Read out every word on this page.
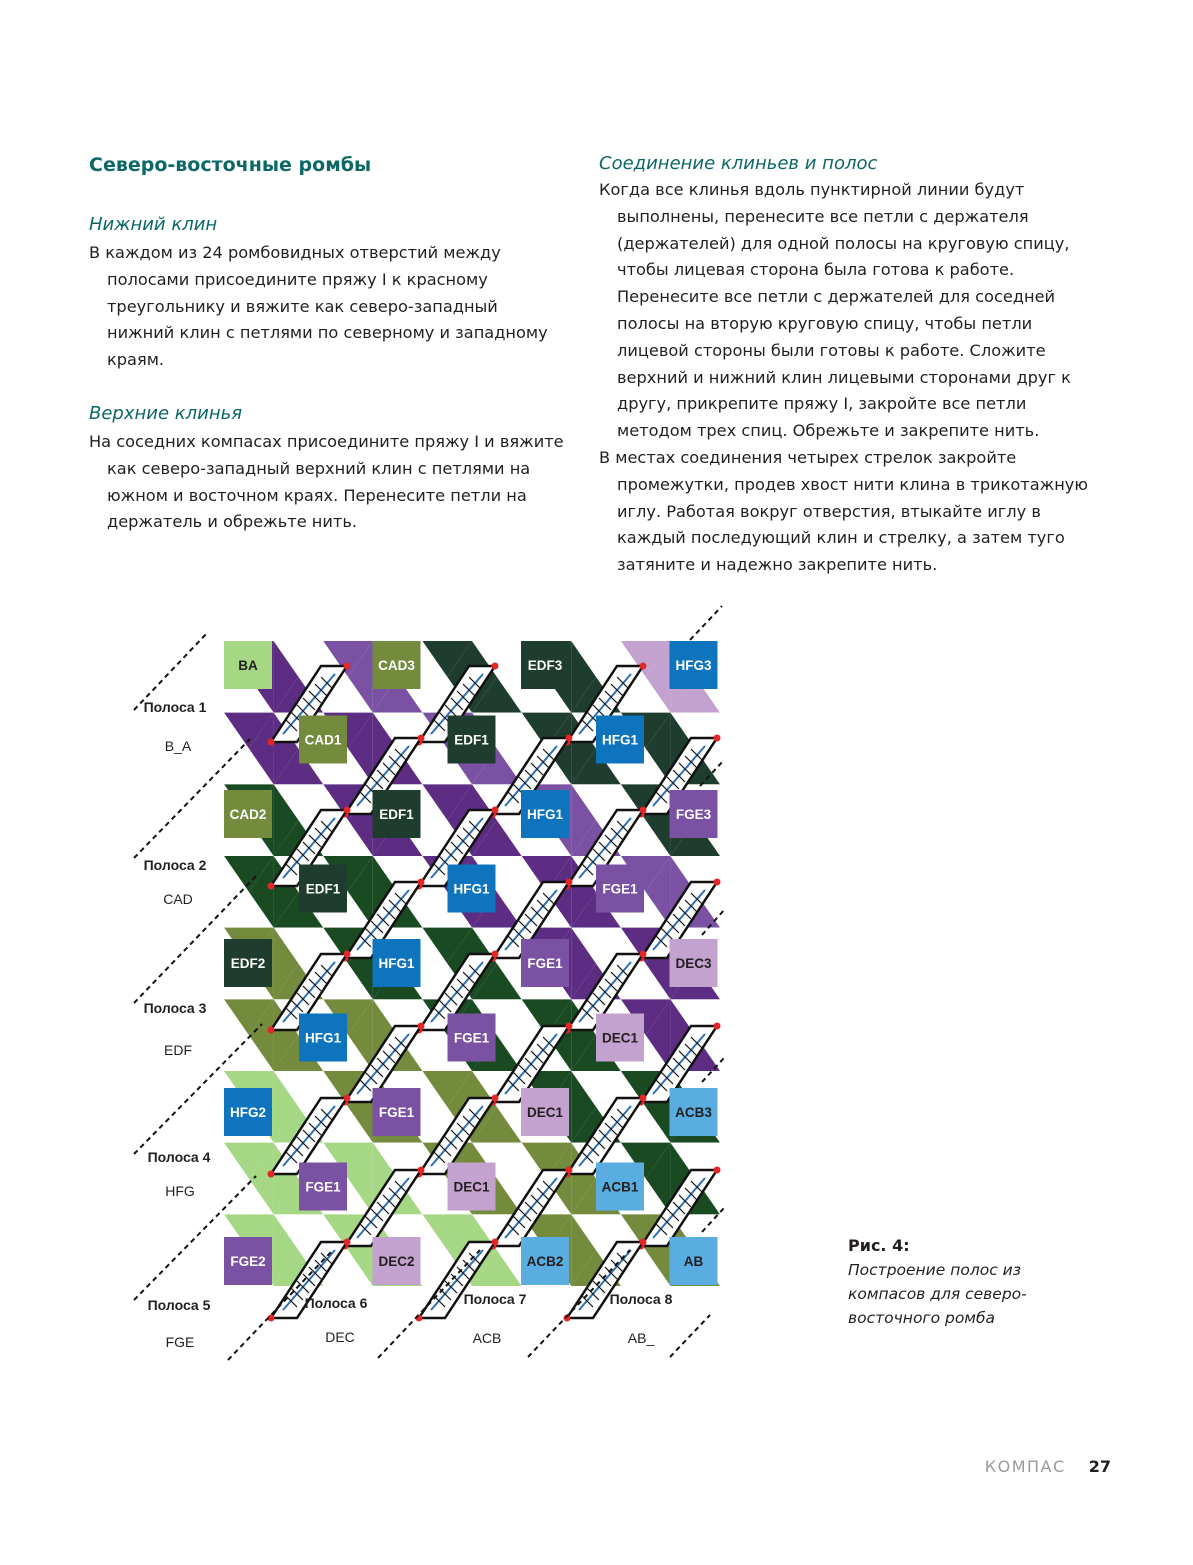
Северо-восточные ромбы
Нижний клин

В каждом из 24 ромбовидных отверстий между полосами присоедините пряжу I к красному треугольнику и вяжите как северо-западный нижний клин с петлями по северному и западному краям.

Верхние клинья

На соседних компасах присоедините пряжу I и вяжите как северо-западный верхний клин с петлями на южном и восточном краях. Перенесите петли на держатель и обрежьте нить.

Соединение клиньев и полос

Когда все клинья вдоль пунктирной линии будут выполнены, перенесите все петли с держателя (держателей) для одной полосы на круговую спицу, чтобы лицевая сторона была готова к работе. Перенесите все петли с держателей для соседней полосы на вторую круговую спицу, чтобы петли лицевой стороны были готовы к работе. Сложите верхний и нижний клин лицевыми сторонами друг к другу, прикрепите пряжу I, закройте все петли методом трех спиц. Обрежьте и закрепите нить.

В местах соединения четырех стрелок закройте промежутки, продев хвост нити клина в трикотажную иглу. Работая вокруг отверстия, втыкайте иглу в каждый последующий клин и стрелку, а затем туго затяните и надежно закрепите нить.

BA	CAD3	EDF3	HFG3
CAD1	EDF1	HFG1
CAD2	EDF1	HFG1	FGE3
EDF1	HFG1	FGE1
EDF2	HFG1	FGE1	DEC3
HFG1	FGE1	DEC1
HFG2	FGE1	DEC1	ACB3
FGE1	DEC1	ACB1
FGE2	DEC2	ACB2	AB
Полоса 1
B_A
Полоса 2
CAD
Полоса 3
EDF
Полоса 4
HFG
Полоса 5
FGE
Полоса 6
DEC
Полоса 7
ACB
Полоса 8
AB_
Рис. 4:
Построение полос из компасов для северо-восточного ромба
КОМПАС 27
